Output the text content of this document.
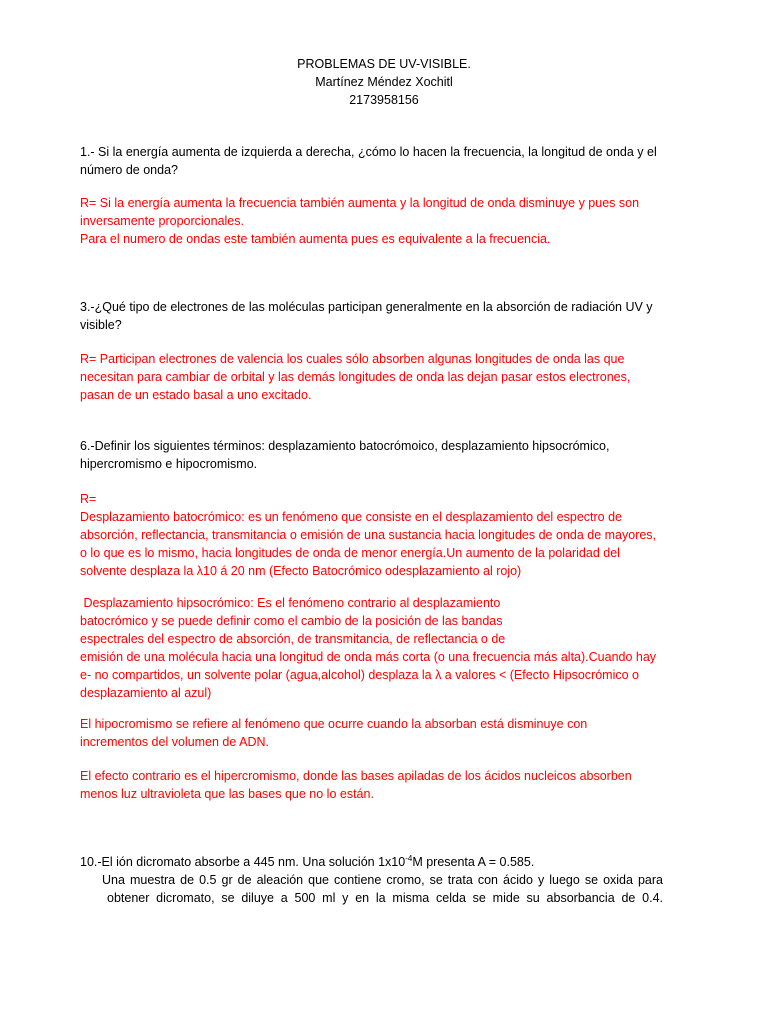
PROBLEMAS DE UV-VISIBLE.
Martínez Méndez Xochitl
2173958156
1.- Si la energía aumenta de izquierda a derecha, ¿cómo lo hacen la frecuencia, la longitud de onda y el
número de onda?
R= Si la energía aumenta la frecuencia también aumenta y la longitud de onda disminuye y pues son
inversamente proporcionales.
Para el numero de ondas este también aumenta pues es equivalente a la frecuencia.
3.-¿Qué tipo de electrones de las moléculas participan generalmente en la absorción de radiación UV y
visible?
R= Participan electrones de valencia los cuales sólo absorben algunas longitudes de onda las que
necesitan para cambiar de orbital y las demás longitudes de onda las dejan pasar estos electrones,
pasan de un estado basal a uno excitado.
6.-Definir los siguientes términos: desplazamiento batocrómoico, desplazamiento hipsocrómico,
hipercromismo e hipocromismo.
R=
Desplazamiento batocrómico: es un fenómeno que consiste en el desplazamiento del espectro de
absorción, reflectancia, transmitancia o emisión de una sustancia hacia longitudes de onda de mayores,
o lo que es lo mismo, hacia longitudes de onda de menor energía.Un aumento de la polaridad del
solvente desplaza la λ10 á 20 nm (Efecto Batocrómico odesplazamiento al rojo)
Desplazamiento hipsocrómico: Es el fenómeno contrario al desplazamiento
batocrómico y se puede definir como el cambio de la posición de las bandas
espectrales del espectro de absorción, de transmitancia, de reflectancia o de
emisión de una molécula hacia una longitud de onda más corta (o una frecuencia más alta).Cuando hay
e- no compartidos, un solvente polar (agua,alcohol) desplaza la λ a valores < (Efecto Hipsocrómico o
desplazamiento al azul)
El hipocromismo se refiere al fenómeno que ocurre cuando la absorban está disminuye con
incrementos del volumen de ADN.
El efecto contrario es el hipercromismo, donde las bases apiladas de los ácidos nucleicos absorben
menos luz ultravioleta que las bases que no lo están.
10.-El ión dicromato absorbe a 445 nm. Una solución $1x10^{-4}M$ presenta A = 0.585.
Una muestra de 0.5 gr de aleación que contiene cromo, se trata con ácido y luego se oxida para
obtener dicromato, se diluye a 500 ml y en la misma celda se mide su absorbancia de 0.4.
